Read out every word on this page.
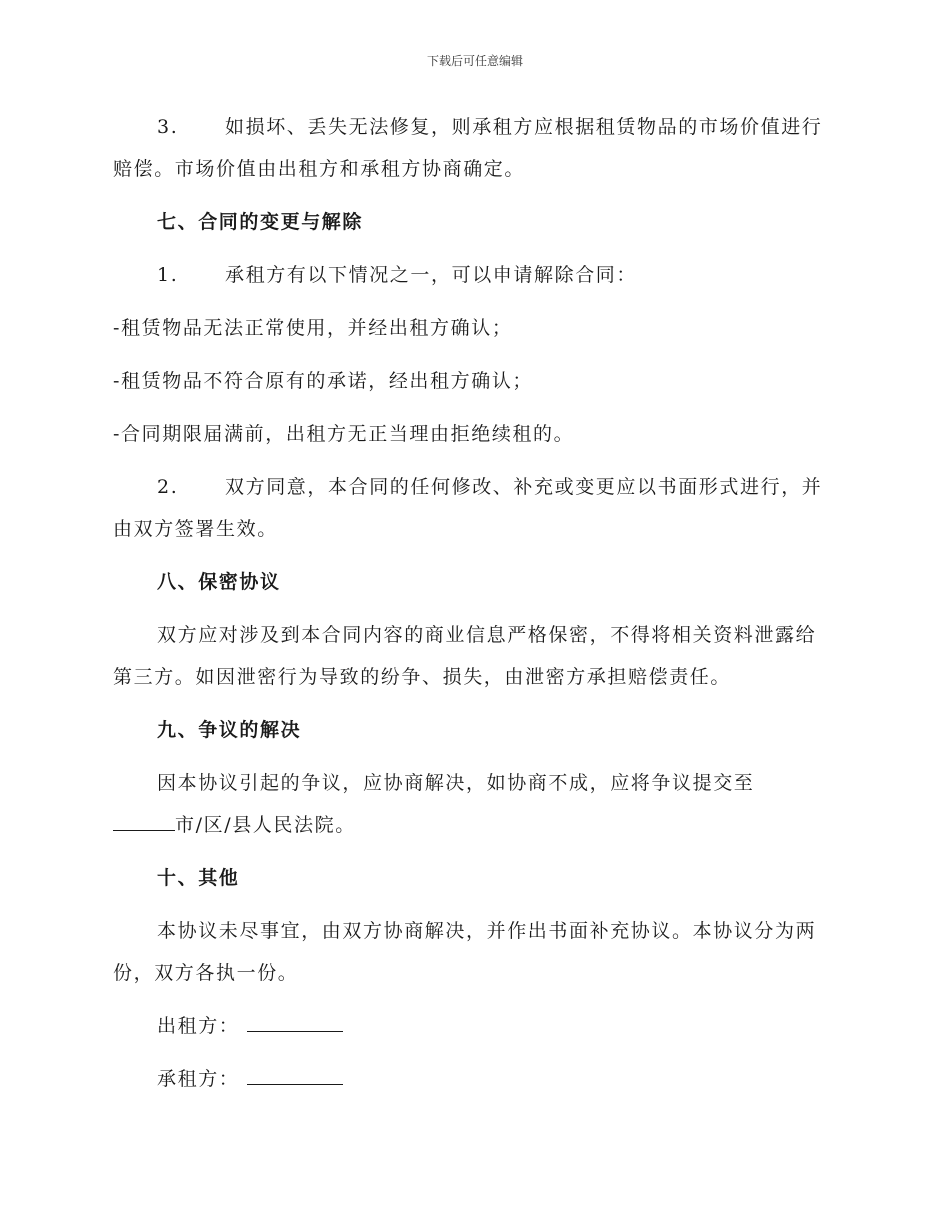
下载后可任意编辑

3. 如损坏、丢失无法修复，则承租方应根据租赁物品的市场价值进行赔偿。市场价值由出租方和承租方协商确定。

七、合同的变更与解除

1. 承租方有以下情况之一，可以申请解除合同：

-租赁物品无法正常使用，并经出租方确认；

-租赁物品不符合原有的承诺，经出租方确认；

-合同期限届满前，出租方无正当理由拒绝续租的。

2. 双方同意，本合同的任何修改、补充或变更应以书面形式进行，并由双方签署生效。

八、保密协议

双方应对涉及到本合同内容的商业信息严格保密，不得将相关资料泄露给第三方。如因泄密行为导致的纷争、损失，由泄密方承担赔偿责任。

九、争议的解决

因本协议引起的争议，应协商解决，如协商不成，应将争议提交至
市/区/县人民法院。

十、其他

本协议未尽事宜，由双方协商解决，并作出书面补充协议。本协议分为两份，双方各执一份。

出租方：

承租方：
